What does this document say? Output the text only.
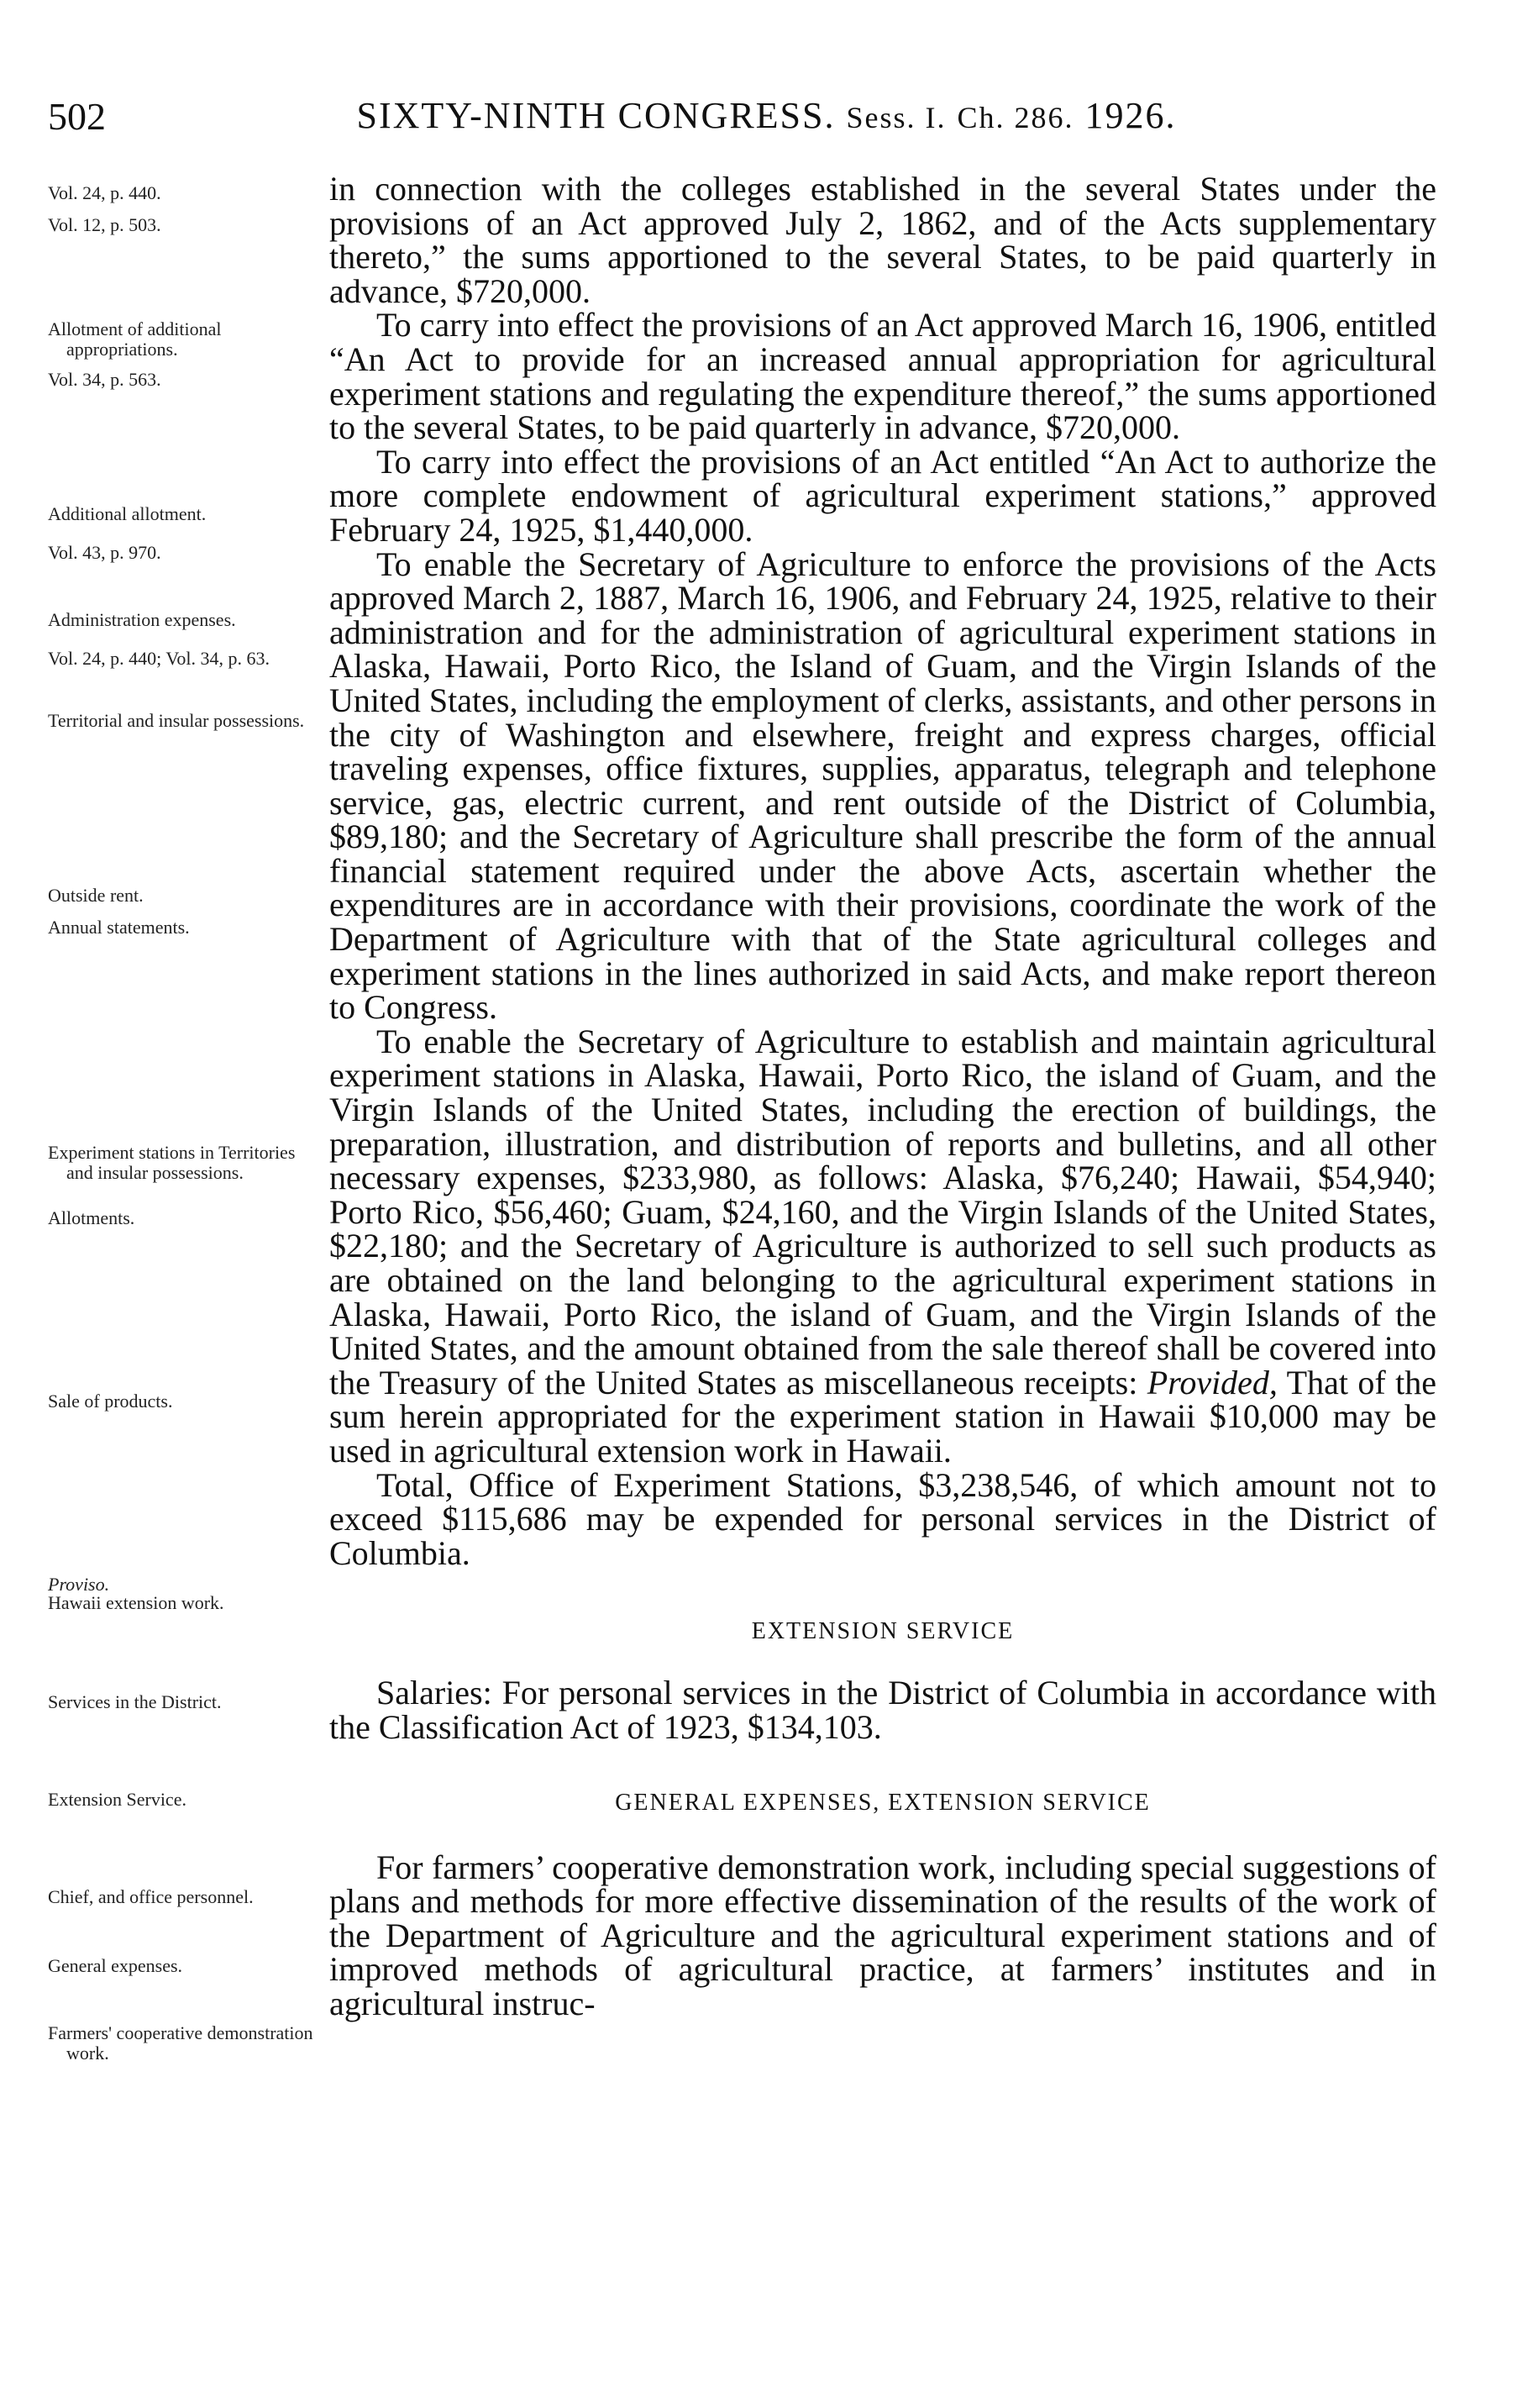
502	SIXTY-NINTH CONGRESS. Sess. I. Ch. 286. 1926.
Vol. 24, p. 440.
Vol. 12, p. 503.
Allotment of additional appropriations.
Vol. 34, p. 563.
Additional allotment.
Vol. 43, p. 970.
Administration expenses.
Vol. 24, p. 440; Vol. 34, p. 63.
Territorial and insular possessions.
Outside rent.
Annual statements.
Experiment stations in Territories and insular possessions.
Allotments.
Sale of products.
Proviso.
Hawaii extension work.
Services in the District.
Extension Service.
Chief, and office personnel.
General expenses.
Farmers' cooperative demonstration work.

in connection with the colleges established in the several States under the provisions of an Act approved July 2, 1862, and of the Acts supplementary thereto,” the sums apportioned to the several States, to be paid quarterly in advance, $720,000.

To carry into effect the provisions of an Act approved March 16, 1906, entitled “An Act to provide for an increased annual appropriation for agricultural experiment stations and regulating the expenditure thereof,” the sums apportioned to the several States, to be paid quarterly in advance, $720,000.

To carry into effect the provisions of an Act entitled “An Act to authorize the more complete endowment of agricultural experiment stations,” approved February 24, 1925, $1,440,000.

To enable the Secretary of Agriculture to enforce the provisions of the Acts approved March 2, 1887, March 16, 1906, and February 24, 1925, relative to their administration and for the administration of agricultural experiment stations in Alaska, Hawaii, Porto Rico, the Island of Guam, and the Virgin Islands of the United States, including the employment of clerks, assistants, and other persons in the city of Washington and elsewhere, freight and express charges, official traveling expenses, office fixtures, supplies, apparatus, telegraph and telephone service, gas, electric current, and rent outside of the District of Columbia, $89,180; and the Secretary of Agriculture shall prescribe the form of the annual financial statement required under the above Acts, ascertain whether the expenditures are in accordance with their provisions, coordinate the work of the Department of Agriculture with that of the State agricultural colleges and experiment stations in the lines authorized in said Acts, and make report thereon to Congress.

To enable the Secretary of Agriculture to establish and maintain agricultural experiment stations in Alaska, Hawaii, Porto Rico, the island of Guam, and the Virgin Islands of the United States, including the erection of buildings, the preparation, illustration, and distribution of reports and bulletins, and all other necessary expenses, $233,980, as follows: Alaska, $76,240; Hawaii, $54,940; Porto Rico, $56,460; Guam, $24,160, and the Virgin Islands of the United States, $22,180; and the Secretary of Agriculture is authorized to sell such products as are obtained on the land belonging to the agricultural experiment stations in Alaska, Hawaii, Porto Rico, the island of Guam, and the Virgin Islands of the United States, and the amount obtained from the sale thereof shall be covered into the Treasury of the United States as miscellaneous receipts: Provided, That of the sum herein appropriated for the experiment station in Hawaii $10,000 may be used in agricultural extension work in Hawaii.

Total, Office of Experiment Stations, $3,238,546, of which amount not to exceed $115,686 may be expended for personal services in the District of Columbia.

EXTENSION SERVICE

Salaries: For personal services in the District of Columbia in accordance with the Classification Act of 1923, $134,103.

GENERAL EXPENSES, EXTENSION SERVICE

For farmers’ cooperative demonstration work, including special suggestions of plans and methods for more effective dissemination of the results of the work of the Department of Agriculture and the agricultural experiment stations and of improved methods of agricultural practice, at farmers’ institutes and in agricultural instruc-
